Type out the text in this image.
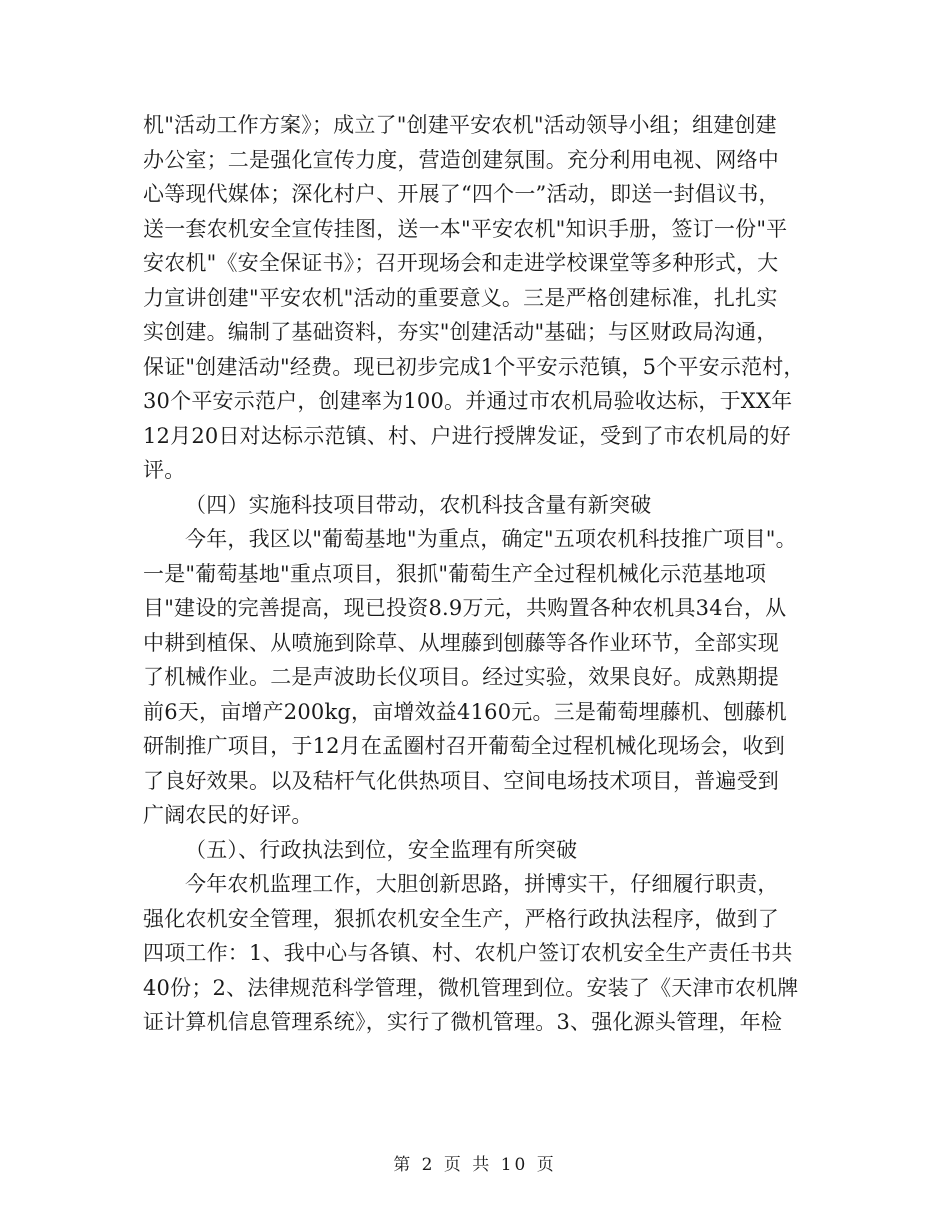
机"活动工作方案》；成立了"创建平安农机"活动领导小组；组建创建
办公室；二是强化宣传力度，营造创建氛围。充分利用电视、网络中
心等现代媒体；深化村户、开展了“四个一”活动，即送一封倡议书，
送一套农机安全宣传挂图，送一本"平安农机"知识手册，签订一份"平
安农机"《安全保证书》；召开现场会和走进学校课堂等多种形式，大
力宣讲创建"平安农机"活动的重要意义。三是严格创建标准，扎扎实
实创建。编制了基础资料，夯实"创建活动"基础；与区财政局沟通，
保证"创建活动"经费。现已初步完成1个平安示范镇，5个平安示范村，
30个平安示范户，创建率为100。并通过市农机局验收达标，于XX年
12月20日对达标示范镇、村、户进行授牌发证，受到了市农机局的好
评。
（四）实施科技项目带动，农机科技含量有新突破
今年，我区以"葡萄基地"为重点，确定"五项农机科技推广项目"。
一是"葡萄基地"重点项目，狠抓"葡萄生产全过程机械化示范基地项
目"建设的完善提高，现已投资8.9万元，共购置各种农机具34台，从
中耕到植保、从喷施到除草、从埋藤到刨藤等各作业环节，全部实现
了机械作业。二是声波助长仪项目。经过实验，效果良好。成熟期提
前6天，亩增产200kg，亩增效益4160元。三是葡萄埋藤机、刨藤机
研制推广项目，于12月在孟圈村召开葡萄全过程机械化现场会，收到
了良好效果。以及秸杆气化供热项目、空间电场技术项目，普遍受到
广阔农民的好评。
（五）、行政执法到位，安全监理有所突破
今年农机监理工作，大胆创新思路，拼博实干，仔细履行职责，
强化农机安全管理，狠抓农机安全生产，严格行政执法程序，做到了
四项工作：1、我中心与各镇、村、农机户签订农机安全生产责任书共
40份；2、法律规范科学管理，微机管理到位。安装了《天津市农机牌
证计算机信息管理系统》，实行了微机管理。3、强化源头管理，年检
第 2 页 共 10 页
